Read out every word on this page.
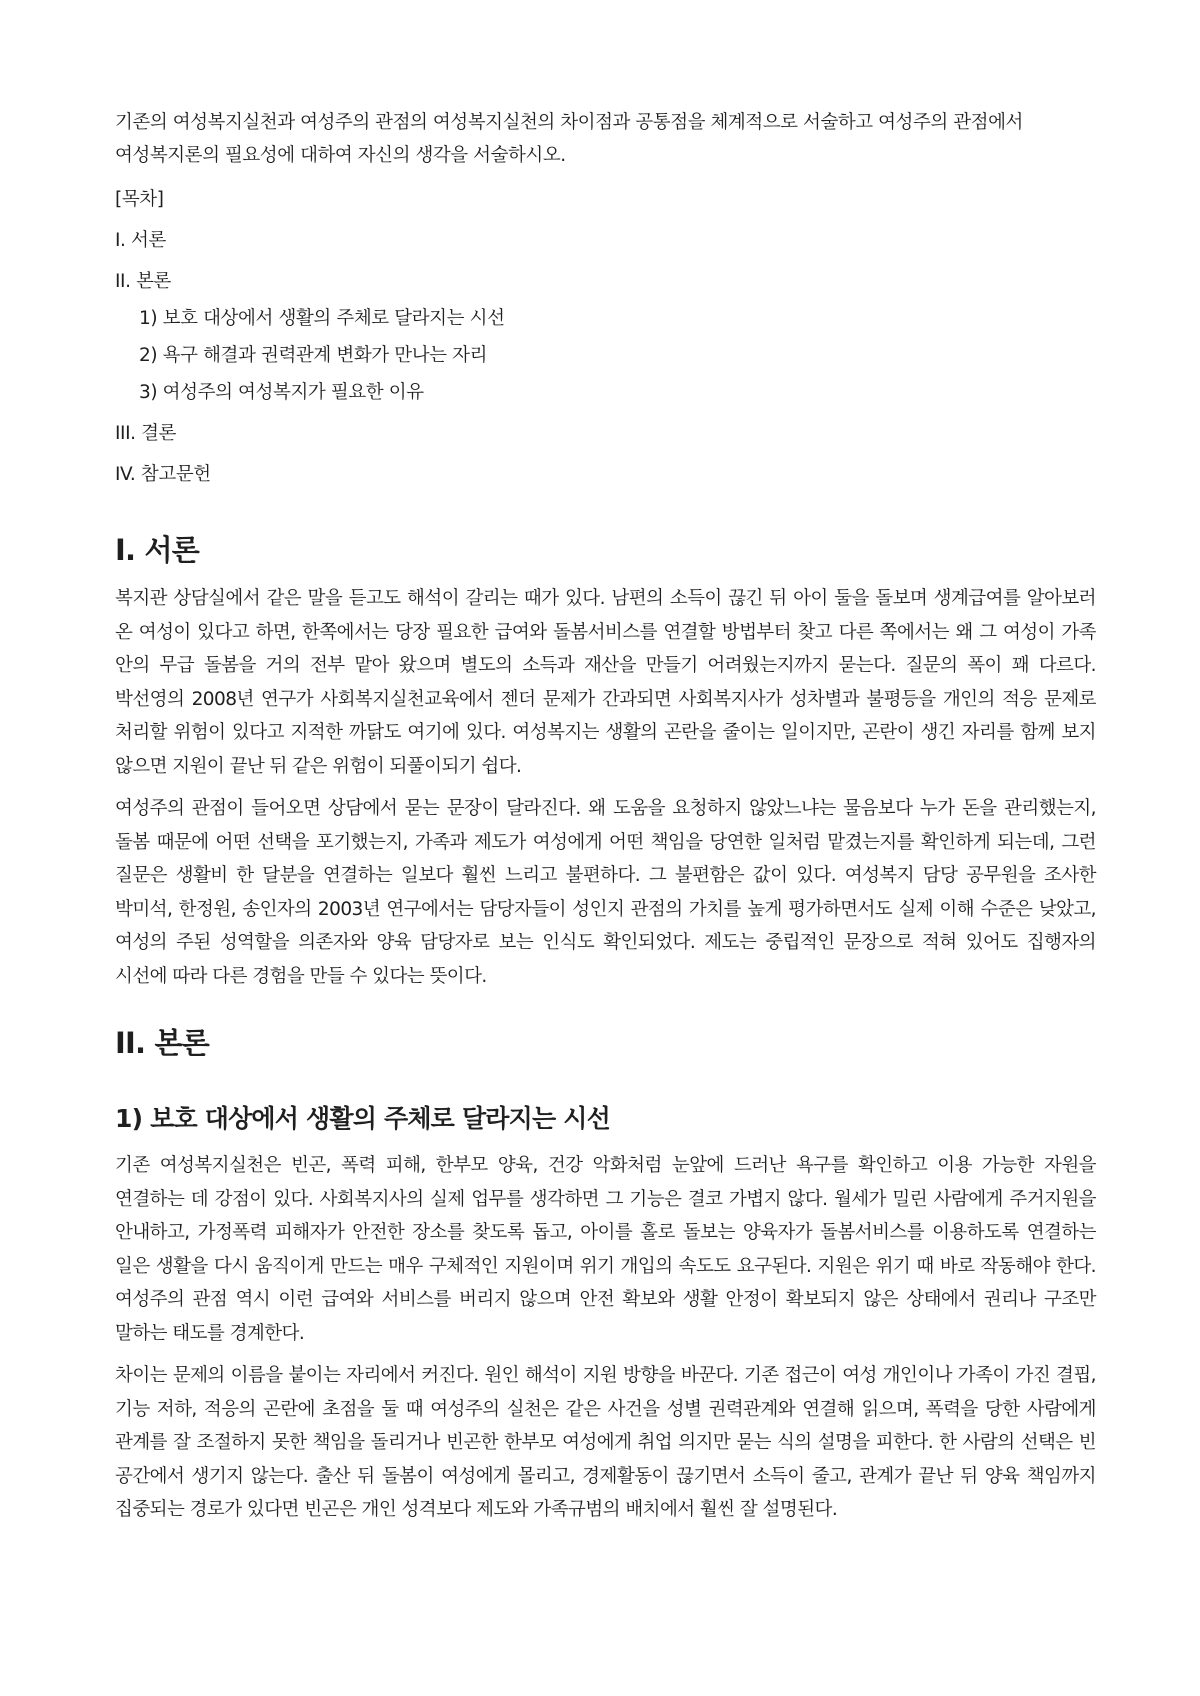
기존의 여성복지실천과 여성주의 관점의 여성복지실천의 차이점과 공통점을 체계적으로 서술하고 여성주의 관점에서 여성복지론의 필요성에 대하여 자신의 생각을 서술하시오.

[목차]
I. 서론
II. 본론
1) 보호 대상에서 생활의 주체로 달라지는 시선
2) 욕구 해결과 권력관계 변화가 만나는 자리
3) 여성주의 여성복지가 필요한 이유
III. 결론
IV. 참고문헌
I. 서론

복지관 상담실에서 같은 말을 듣고도 해석이 갈리는 때가 있다. 남편의 소득이 끊긴 뒤 아이 둘을 돌보며 생계급여를 알아보러 온 여성이 있다고 하면, 한쪽에서는 당장 필요한 급여와 돌봄서비스를 연결할 방법부터 찾고 다른 쪽에서는 왜 그 여성이 가족 안의 무급 돌봄을 거의 전부 맡아 왔으며 별도의 소득과 재산을 만들기 어려웠는지까지 묻는다. 질문의 폭이 꽤 다르다. 박선영의 2008년 연구가 사회복지실천교육에서 젠더 문제가 간과되면 사회복지사가 성차별과 불평등을 개인의 적응 문제로 처리할 위험이 있다고 지적한 까닭도 여기에 있다. 여성복지는 생활의 곤란을 줄이는 일이지만, 곤란이 생긴 자리를 함께 보지 않으면 지원이 끝난 뒤 같은 위험이 되풀이되기 쉽다.

여성주의 관점이 들어오면 상담에서 묻는 문장이 달라진다. 왜 도움을 요청하지 않았느냐는 물음보다 누가 돈을 관리했는지, 돌봄 때문에 어떤 선택을 포기했는지, 가족과 제도가 여성에게 어떤 책임을 당연한 일처럼 맡겼는지를 확인하게 되는데, 그런 질문은 생활비 한 달분을 연결하는 일보다 훨씬 느리고 불편하다. 그 불편함은 값이 있다. 여성복지 담당 공무원을 조사한 박미석, 한정원, 송인자의 2003년 연구에서는 담당자들이 성인지 관점의 가치를 높게 평가하면서도 실제 이해 수준은 낮았고, 여성의 주된 성역할을 의존자와 양육 담당자로 보는 인식도 확인되었다. 제도는 중립적인 문장으로 적혀 있어도 집행자의 시선에 따라 다른 경험을 만들 수 있다는 뜻이다.

II. 본론
1) 보호 대상에서 생활의 주체로 달라지는 시선

기존 여성복지실천은 빈곤, 폭력 피해, 한부모 양육, 건강 악화처럼 눈앞에 드러난 욕구를 확인하고 이용 가능한 자원을 연결하는 데 강점이 있다. 사회복지사의 실제 업무를 생각하면 그 기능은 결코 가볍지 않다. 월세가 밀린 사람에게 주거지원을 안내하고, 가정폭력 피해자가 안전한 장소를 찾도록 돕고, 아이를 홀로 돌보는 양육자가 돌봄서비스를 이용하도록 연결하는 일은 생활을 다시 움직이게 만드는 매우 구체적인 지원이며 위기 개입의 속도도 요구된다. 지원은 위기 때 바로 작동해야 한다. 여성주의 관점 역시 이런 급여와 서비스를 버리지 않으며 안전 확보와 생활 안정이 확보되지 않은 상태에서 권리나 구조만 말하는 태도를 경계한다.

차이는 문제의 이름을 붙이는 자리에서 커진다. 원인 해석이 지원 방향을 바꾼다. 기존 접근이 여성 개인이나 가족이 가진 결핍, 기능 저하, 적응의 곤란에 초점을 둘 때 여성주의 실천은 같은 사건을 성별 권력관계와 연결해 읽으며, 폭력을 당한 사람에게 관계를 잘 조절하지 못한 책임을 돌리거나 빈곤한 한부모 여성에게 취업 의지만 묻는 식의 설명을 피한다. 한 사람의 선택은 빈 공간에서 생기지 않는다. 출산 뒤 돌봄이 여성에게 몰리고, 경제활동이 끊기면서 소득이 줄고, 관계가 끝난 뒤 양육 책임까지 집중되는 경로가 있다면 빈곤은 개인 성격보다 제도와 가족규범의 배치에서 훨씬 잘 설명된다.
